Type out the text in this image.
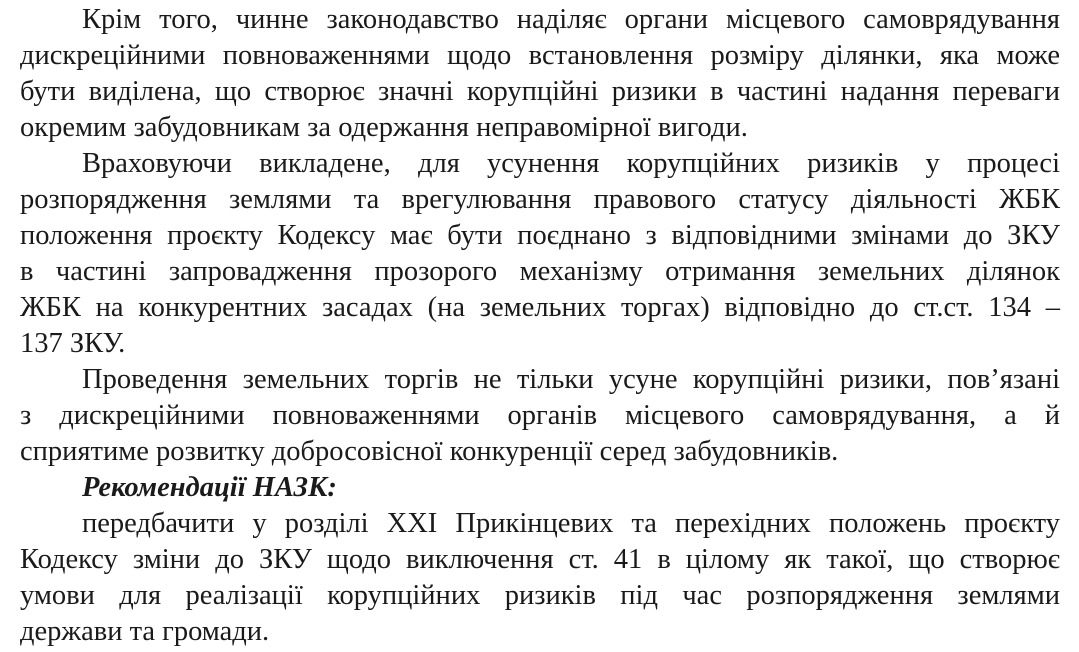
Крім того, чинне законодавство наділяє органи місцевого самоврядування
дискреційними повноваженнями щодо встановлення розміру ділянки, яка може
бути виділена, що створює значні корупційні ризики в частині надання переваги
окремим забудовникам за одержання неправомірної вигоди.
Враховуючи викладене, для усунення корупційних ризиків у процесі
розпорядження землями та врегулювання правового статусу діяльності ЖБК
положення проєкту Кодексу має бути поєднано з відповідними змінами до ЗКУ
в частині запровадження прозорого механізму отримання земельних ділянок
ЖБК на конкурентних засадах (на земельних торгах) відповідно до ст.ст. 134 –
137 ЗКУ.
Проведення земельних торгів не тільки усуне корупційні ризики, пов’язані
з дискреційними повноваженнями органів місцевого самоврядування, а й
сприятиме розвитку добросовісної конкуренції серед забудовників.
Рекомендації НАЗК:
передбачити у розділі XXI Прикінцевих та перехідних положень проєкту
Кодексу зміни до ЗКУ щодо виключення ст. 41 в цілому як такої, що створює
умови для реалізації корупційних ризиків під час розпорядження землями
держави та громади.
